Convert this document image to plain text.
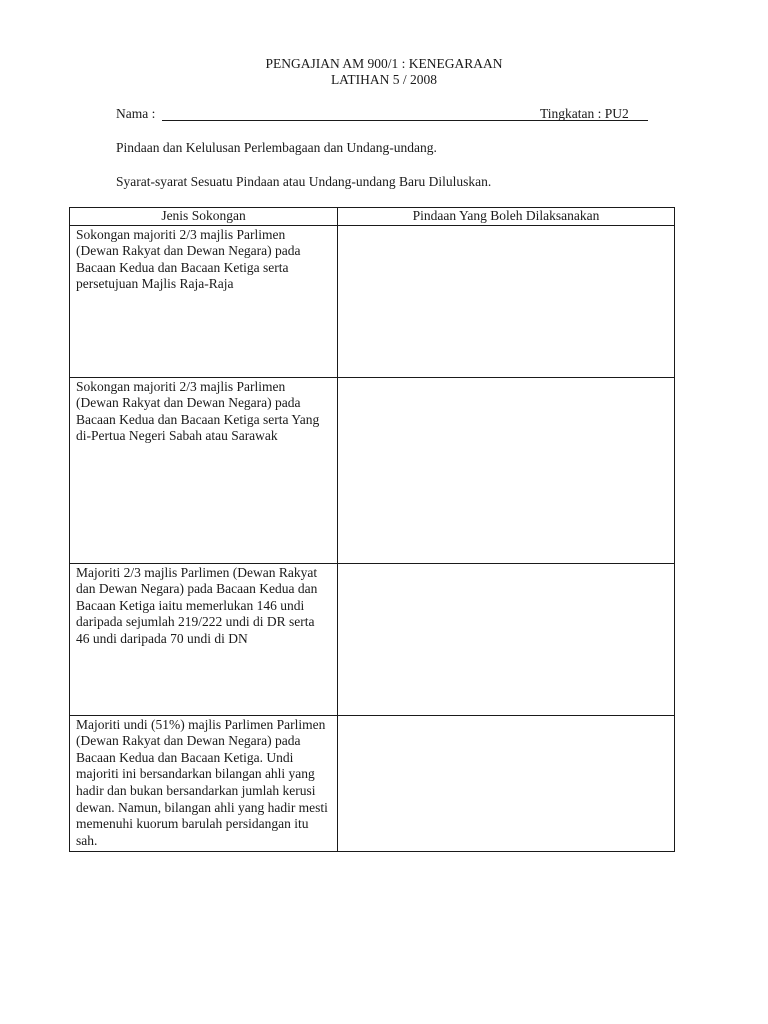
PENGAJIAN AM 900/1 : KENEGARAAN
LATIHAN 5 / 2008
Nama :	Tingkatan : PU2
Pindaan dan Kelulusan Perlembagaan dan Undang-undang.
Syarat-syarat Sesuatu Pindaan atau Undang-undang Baru Diluluskan.
Jenis Sokongan	Pindaan Yang Boleh Dilaksanakan
Sokongan majoriti 2/3 majlis Parlimen (Dewan Rakyat dan Dewan Negara) pada Bacaan Kedua dan Bacaan Ketiga serta persetujuan Majlis Raja-Raja	
Sokongan majoriti 2/3 majlis Parlimen (Dewan Rakyat dan Dewan Negara) pada Bacaan Kedua dan Bacaan Ketiga serta Yang di-Pertua Negeri Sabah atau Sarawak	
Majoriti 2/3 majlis Parlimen (Dewan Rakyat dan Dewan Negara) pada Bacaan Kedua dan Bacaan Ketiga iaitu memerlukan 146 undi daripada sejumlah 219/222 undi di DR serta 46 undi daripada 70 undi di DN	
Majoriti undi (51%) majlis Parlimen Parlimen (Dewan Rakyat dan Dewan Negara) pada Bacaan Kedua dan Bacaan Ketiga. Undi majoriti ini bersandarkan bilangan ahli yang hadir dan bukan bersandarkan jumlah kerusi dewan. Namun, bilangan ahli yang hadir mesti memenuhi kuorum barulah persidangan itu sah.	
